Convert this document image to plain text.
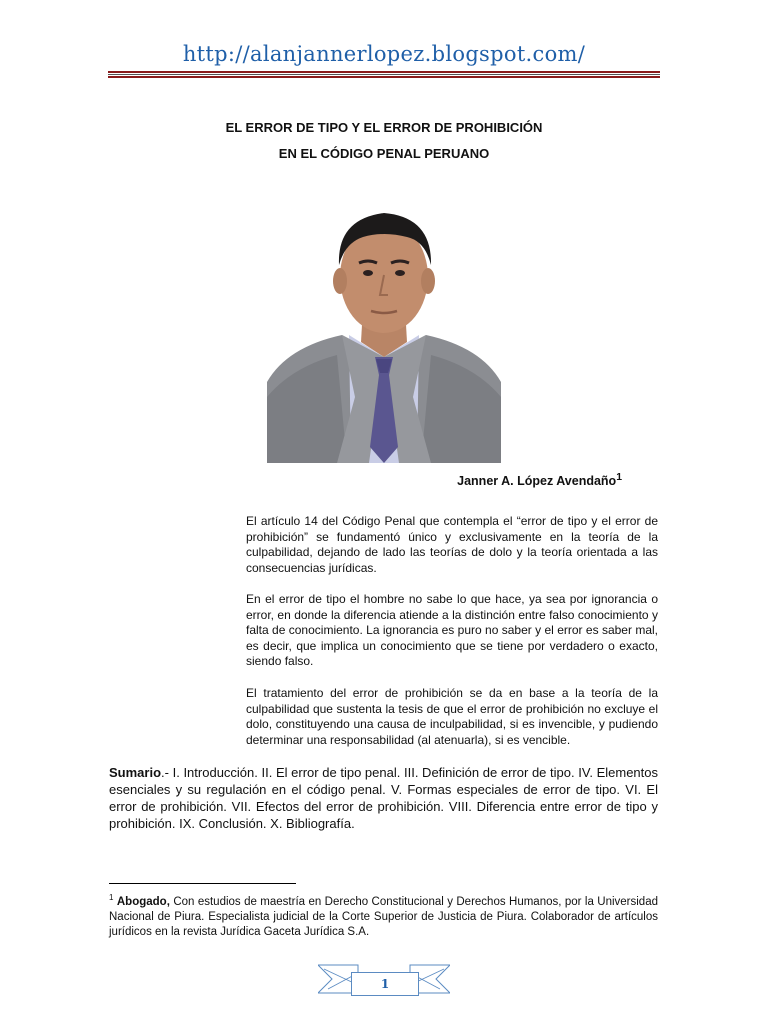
http://alanjannerlopez.blogspot.com/
EL ERROR DE TIPO Y EL ERROR DE PROHIBICIÓN
EN EL CÓDIGO PENAL PERUANO
Janner A. López Avendaño$^1$

El artículo 14 del Código Penal que contempla el “error de tipo y el error de prohibición” se fundamentó único y exclusivamente en la teoría de la culpabilidad, dejando de lado las teorías de dolo y la teoría orientada a las consecuencias jurídicas.

En el error de tipo el hombre no sabe lo que hace, ya sea por ignorancia o error, en donde la diferencia atiende a la distinción entre falso conocimiento y falta de conocimiento. La ignorancia es puro no saber y el error es saber mal, es decir, que implica un conocimiento que se tiene por verdadero o exacto, siendo falso.

El tratamiento del error de prohibición se da en base a la teoría de la culpabilidad que sustenta la tesis de que el error de prohibición no excluye el dolo, constituyendo una causa de inculpabilidad, si es invencible, y pudiendo determinar una responsabilidad (al atenuarla), si es vencible.

Sumario.- I. Introducción. II. El error de tipo penal. III. Definición de error de tipo. IV. Elementos esenciales y su regulación en el código penal. V. Formas especiales de error de tipo. VI. El error de prohibición. VII. Efectos del error de prohibición. VIII. Diferencia entre error de tipo y prohibición. IX. Conclusión. X. Bibliografía.

$^1$ Abogado, Con estudios de maestría en Derecho Constitucional y Derechos Humanos, por la Universidad Nacional de Piura. Especialista judicial de la Corte Superior de Justicia de Piura. Colaborador de artículos jurídicos en la revista Jurídica Gaceta Jurídica S.A.

1
